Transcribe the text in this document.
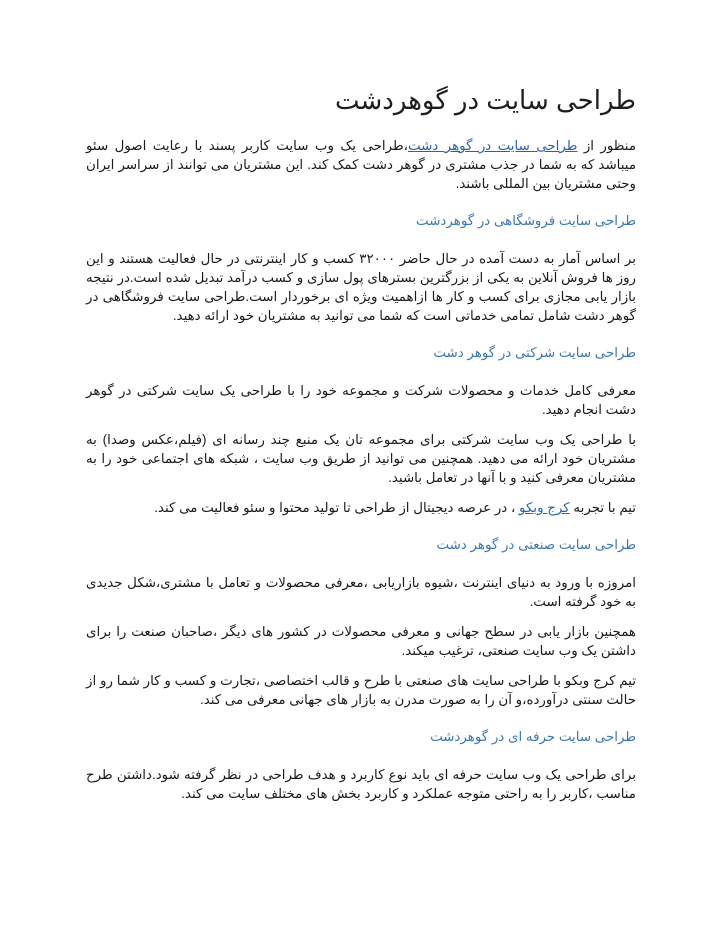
طراحی سایت در گوهردشت

منظور از طراحی سایت در گوهر دشت،طراحی یک وب سایت کاربر پسند با رعایت اصول سئو میباشد که به شما در جذب مشتری در گوهر دشت کمک کند. این مشتریان می توانند از سراسر ایران وحتی مشتریان بین المللی باشند.

طراحی سایت فروشگاهی در گوهردشت

بر اساس آمار به دست آمده در حال حاضر ۳۲۰۰۰ کسب و کار اینترنتی در حال فعالیت هستند و این روز ها فروش آنلاین به یکی از بزرگترین بسترهای پول سازی و کسب درآمد تبدیل شده است.در نتیجه بازار یابی مجازی برای کسب و کار ها ازاهمیت ویژه ای برخوردار است.طراحی سایت فروشگاهی در گوهر دشت شامل تمامی خدماتی است که شما می توانید به مشتریان خود ارائه دهید.

طراحی سایت شرکتی در گوهر دشت

معرفی کامل خدمات و محصولات شرکت و مجموعه خود را با طراحی یک سایت شرکتی در گوهر دشت انجام دهید.

با طراحی یک وب سایت شرکتی برای مجموعه تان یک منبع چند رسانه ای (فیلم،عکس وصدا) به مشتریان خود ارائه می دهید. همچنین می توانید از طریق وب سایت ، شبکه های اجتماعی خود را به مشتریان معرفی کنید و با آنها در تعامل باشید.

تیم با تجربه کرج وبکو ، در عرصه دیجیتال از طراحی تا تولید محتوا و سئو فعالیت می کند.

طراحی سایت صنعتی در گوهر دشت

امروزه با ورود به دنیای اینترنت ،شیوه بازاریابی ،معرفی محصولات و تعامل با مشتری،شکل جدیدی به خود گرفته است.

همچنین بازار یابی در سطح جهانی و معرفی محصولات در کشور های دیگر ،صاحبان صنعت را برای داشتن یک وب سایت صنعتی، ترغیب میکند.

تیم کرج وبکو با طراحی سایت های صنعتی با طرح و قالب اختصاصی ،تجارت و کسب و کار شما رو از حالت سنتی درآورده،و آن را به صورت مدرن به بازار های جهانی معرفی می کند.

طراحی سایت حرفه ای در گوهردشت

برای طراحی یک وب سایت حرفه ای باید نوع کاربرد و هدف طراحی در نظر گرفته شود.داشتن طرح مناسب ،کاربر را به راحتی متوجه عملکرد و کاربرد بخش های مختلف سایت می کند.
